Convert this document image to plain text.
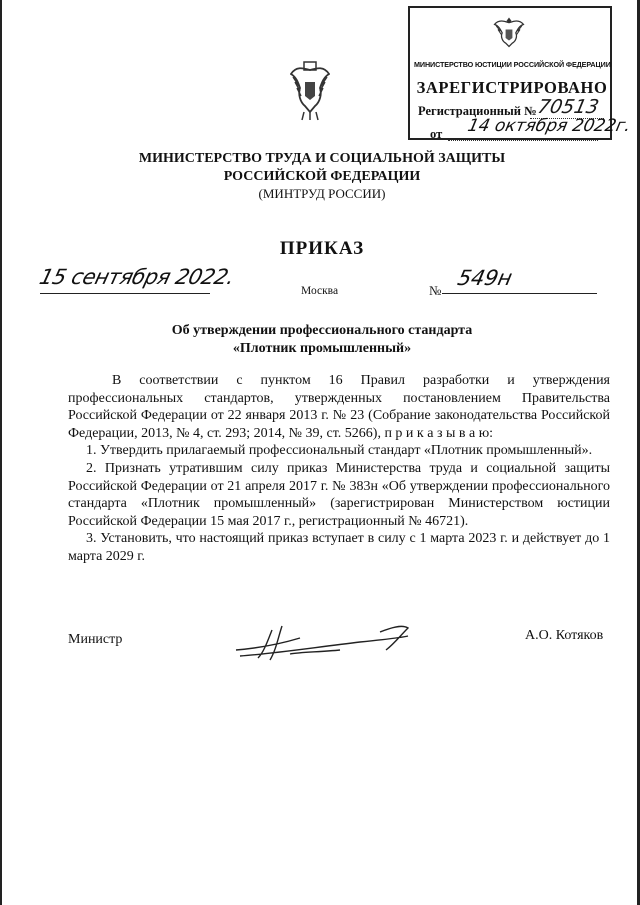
МИНИСТЕРСТВО ЮСТИЦИИ РОССИЙСКОЙ ФЕДЕРАЦИИ
ЗАРЕГИСТРИРОВАНО
Регистрационный № 70513
от	14 октября 2022г.
МИНИСТЕРСТВО ТРУДА И СОЦИАЛЬНОЙ ЗАЩИТЫ
РОССИЙСКОЙ ФЕДЕРАЦИИ
(МИНТРУД РОССИИ)
ПРИКАЗ
15 сентября 2022.
Москва	№
549н
Об утверждении профессионального стандарта
«Плотник промышленный»

В соответствии с пунктом 16 Правил разработки и утверждения профессиональных стандартов, утвержденных постановлением Правительства Российской Федерации от 22 января 2013 г. № 23 (Собрание законодательства Российской Федерации, 2013, № 4, ст. 293; 2014, № 39, ст. 5266), п р и к а з ы в а ю:

1. Утвердить прилагаемый профессиональный стандарт «Плотник промышленный».

2. Признать утратившим силу приказ Министерства труда и социальной защиты Российской Федерации от 21 апреля 2017 г. № 383н «Об утверждении профессионального стандарта «Плотник промышленный» (зарегистрирован Министерством юстиции Российской Федерации 15 мая 2017 г., регистрационный № 46721).

3. Установить, что настоящий приказ вступает в силу с 1 марта 2023 г. и действует до 1 марта 2029 г.

Министр	А.О. Котяков
